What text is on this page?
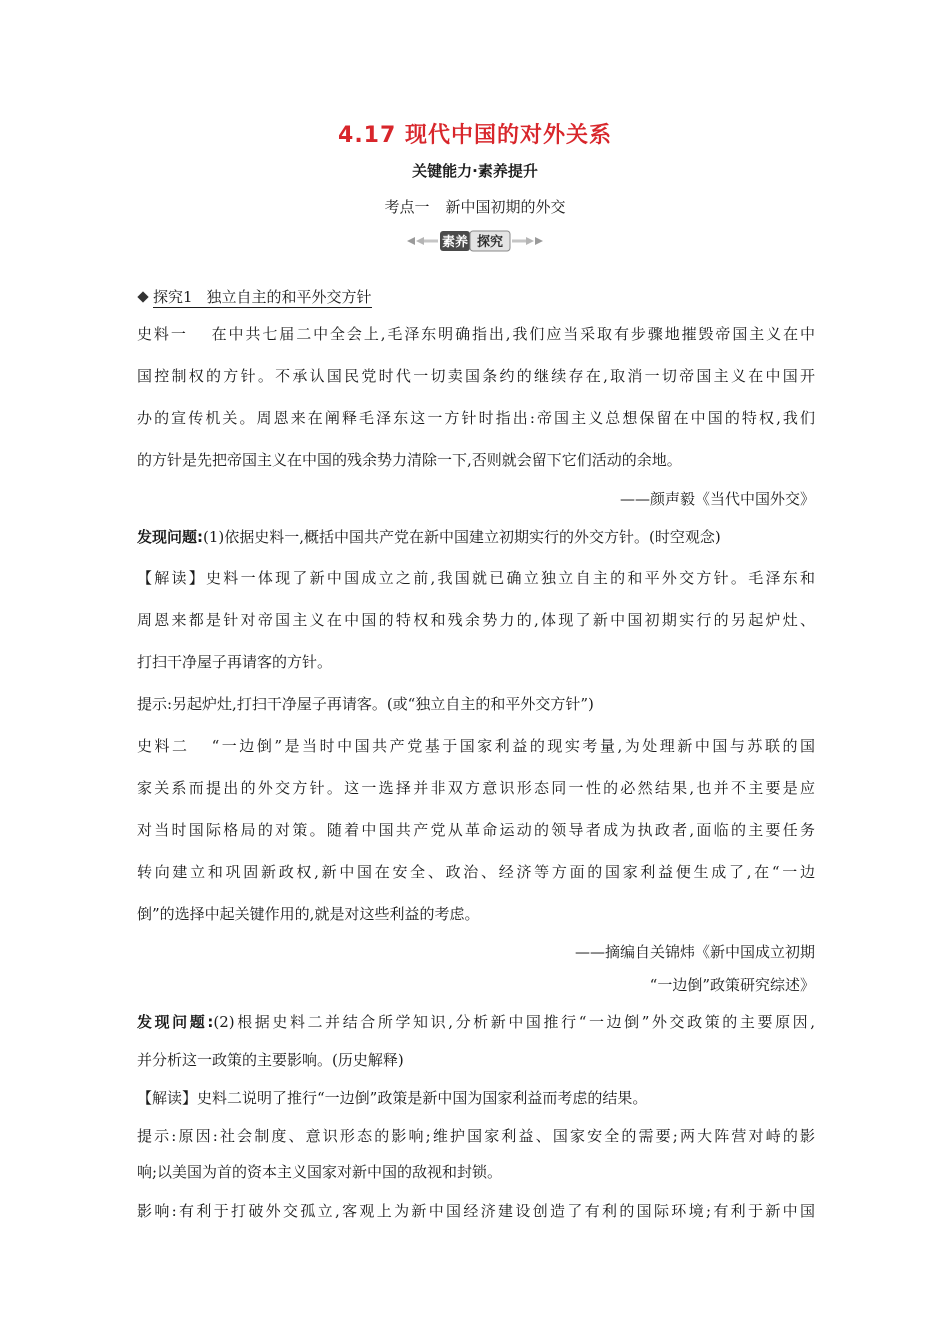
4.17 现代中国的对外关系
关键能力·素养提升
考点一 新中国初期的外交
素养 探究
探究1 独立自主的和平外交方针
史料一 在中共七届二中全会上,毛泽东明确指出,我们应当采取有步骤地摧毁帝国主义在中
国控制权的方针。不承认国民党时代一切卖国条约的继续存在,取消一切帝国主义在中国开
办的宣传机关。周恩来在阐释毛泽东这一方针时指出:帝国主义总想保留在中国的特权,我们
的方针是先把帝国主义在中国的残余势力清除一下,否则就会留下它们活动的余地。
——颜声毅《当代中国外交》
发现问题:(1)依据史料一,概括中国共产党在新中国建立初期实行的外交方针。(时空观念)
【解读】史料一体现了新中国成立之前,我国就已确立独立自主的和平外交方针。毛泽东和
周恩来都是针对帝国主义在中国的特权和残余势力的,体现了新中国初期实行的另起炉灶、
打扫干净屋子再请客的方针。
提示:另起炉灶,打扫干净屋子再请客。(或“独立自主的和平外交方针”)
史料二 “一边倒”是当时中国共产党基于国家利益的现实考量,为处理新中国与苏联的国
家关系而提出的外交方针。这一选择并非双方意识形态同一性的必然结果,也并不主要是应
对当时国际格局的对策。随着中国共产党从革命运动的领导者成为执政者,面临的主要任务
转向建立和巩固新政权,新中国在安全、政治、经济等方面的国家利益便生成了,在“一边
倒”的选择中起关键作用的,就是对这些利益的考虑。
——摘编自关锦炜《新中国成立初期
“一边倒”政策研究综述》
发现问题:(2)根据史料二并结合所学知识,分析新中国推行“一边倒”外交政策的主要原因,
并分析这一政策的主要影响。(历史解释)
【解读】史料二说明了推行“一边倒”政策是新中国为国家利益而考虑的结果。
提示:原因:社会制度、意识形态的影响;维护国家利益、国家安全的需要;两大阵营对峙的影
响;以美国为首的资本主义国家对新中国的敌视和封锁。
影响:有利于打破外交孤立,客观上为新中国经济建设创造了有利的国际环境;有利于新中国
